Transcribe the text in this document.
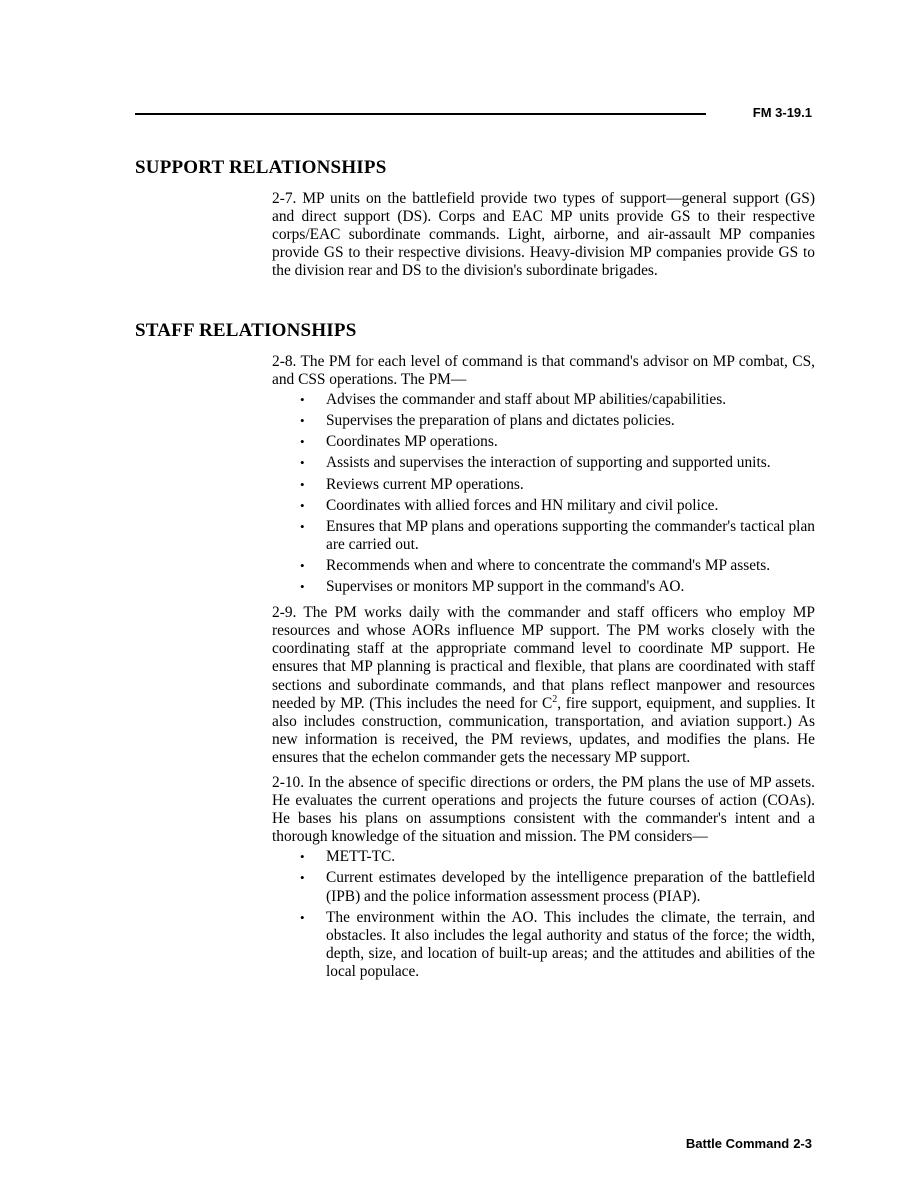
FM 3-19.1
SUPPORT RELATIONSHIPS

2-7. MP units on the battlefield provide two types of support—general support (GS) and direct support (DS). Corps and EAC MP units provide GS to their respective corps/EAC subordinate commands. Light, airborne, and air-assault MP companies provide GS to their respective divisions. Heavy-division MP companies provide GS to the division rear and DS to the division's subordinate brigades.

STAFF RELATIONSHIPS

2-8. The PM for each level of command is that command's advisor on MP combat, CS, and CSS operations. The PM—

• Advises the commander and staff about MP abilities/capabilities.
• Supervises the preparation of plans and dictates policies.
• Coordinates MP operations.
• Assists and supervises the interaction of supporting and supported units.
• Reviews current MP operations.
• Coordinates with allied forces and HN military and civil police.
• Ensures that MP plans and operations supporting the commander's tactical plan are carried out.
• Recommends when and where to concentrate the command's MP assets.
• Supervises or monitors MP support in the command's AO.

2-9. The PM works daily with the commander and staff officers who employ MP resources and whose AORs influence MP support. The PM works closely with the coordinating staff at the appropriate command level to coordinate MP support. He ensures that MP planning is practical and flexible, that plans are coordinated with staff sections and subordinate commands, and that plans reflect manpower and resources needed by MP. (This includes the need for $C^2$, fire support, equipment, and supplies. It also includes construction, communication, transportation, and aviation support.) As new information is received, the PM reviews, updates, and modifies the plans. He ensures that the echelon commander gets the necessary MP support.

2-10. In the absence of specific directions or orders, the PM plans the use of MP assets. He evaluates the current operations and projects the future courses of action (COAs). He bases his plans on assumptions consistent with the commander's intent and a thorough knowledge of the situation and mission. The PM considers—

• METT-TC.
• Current estimates developed by the intelligence preparation of the battlefield (IPB) and the police information assessment process (PIAP).
• The environment within the AO. This includes the climate, the terrain, and obstacles. It also includes the legal authority and status of the force; the width, depth, size, and location of built-up areas; and the attitudes and abilities of the local populace.
Battle Command 2-3
